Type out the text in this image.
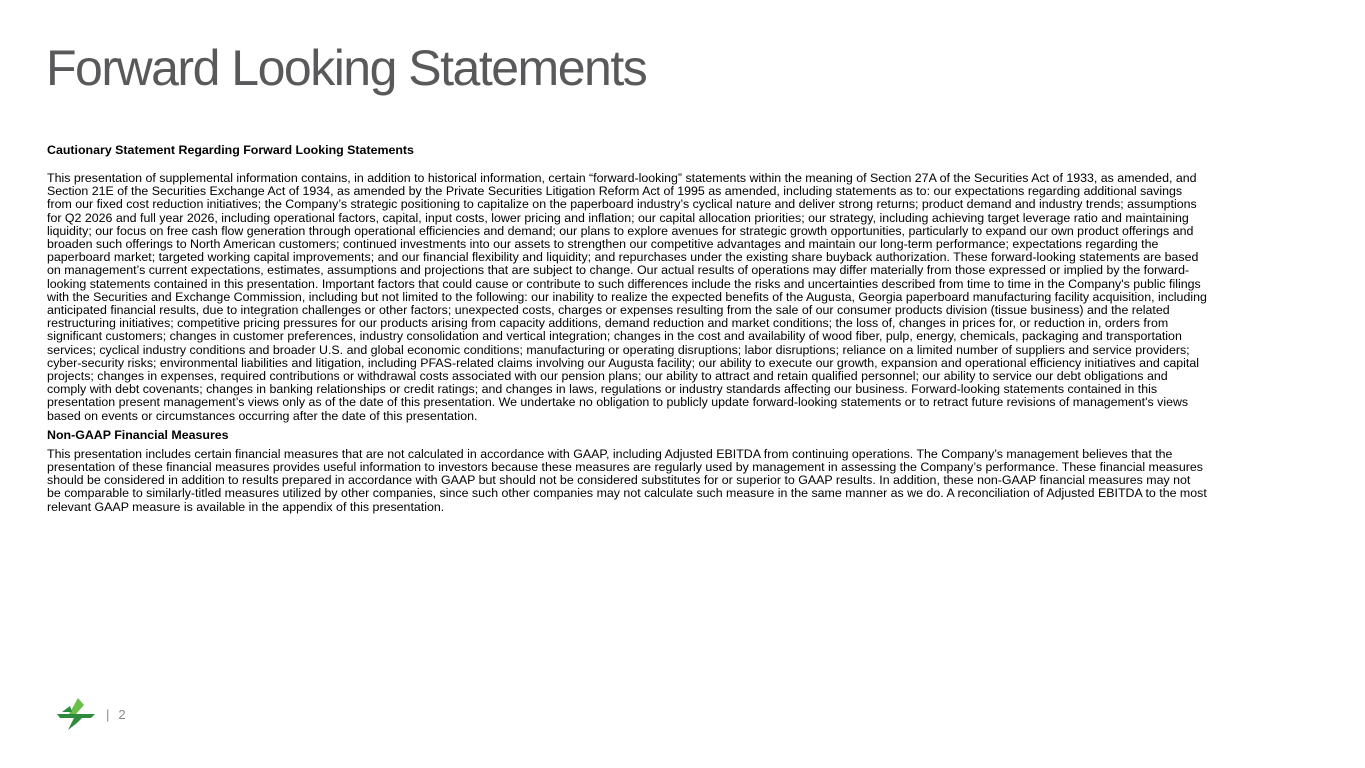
Forward Looking Statements

Cautionary Statement Regarding Forward Looking Statements

This presentation of supplemental information contains, in addition to historical information, certain “forward-looking” statements within the meaning of Section 27A of the Securities Act of 1933, as amended, and Section 21E of the Securities Exchange Act of 1934, as amended by the Private Securities Litigation Reform Act of 1995 as amended, including statements as to: our expectations regarding additional savings from our fixed cost reduction initiatives; the Company’s strategic positioning to capitalize on the paperboard industry’s cyclical nature and deliver strong returns; product demand and industry trends; assumptions for Q2 2026 and full year 2026, including operational factors, capital, input costs, lower pricing and inflation; our capital allocation priorities; our strategy, including achieving target leverage ratio and maintaining liquidity; our focus on free cash flow generation through operational efficiencies and demand; our plans to explore avenues for strategic growth opportunities, particularly to expand our own product offerings and broaden such offerings to North American customers; continued investments into our assets to strengthen our competitive advantages and maintain our long-term performance; expectations regarding the paperboard market; targeted working capital improvements; and our financial flexibility and liquidity; and repurchases under the existing share buyback authorization. These forward-looking statements are based on management’s current expectations, estimates, assumptions and projections that are subject to change. Our actual results of operations may differ materially from those expressed or implied by the forward-looking statements contained in this presentation. Important factors that could cause or contribute to such differences include the risks and uncertainties described from time to time in the Company's public filings with the Securities and Exchange Commission, including but not limited to the following: our inability to realize the expected benefits of the Augusta, Georgia paperboard manufacturing facility acquisition, including anticipated financial results, due to integration challenges or other factors; unexpected costs, charges or expenses resulting from the sale of our consumer products division (tissue business) and the related restructuring initiatives; competitive pricing pressures for our products arising from capacity additions, demand reduction and market conditions; the loss of, changes in prices for, or reduction in, orders from significant customers; changes in customer preferences, industry consolidation and vertical integration; changes in the cost and availability of wood fiber, pulp, energy, chemicals, packaging and transportation services; cyclical industry conditions and broader U.S. and global economic conditions; manufacturing or operating disruptions; labor disruptions; reliance on a limited number of suppliers and service providers; cyber-security risks; environmental liabilities and litigation, including PFAS-related claims involving our Augusta facility; our ability to execute our growth, expansion and operational efficiency initiatives and capital projects; changes in expenses, required contributions or withdrawal costs associated with our pension plans; our ability to attract and retain qualified personnel; our ability to service our debt obligations and comply with debt covenants; changes in banking relationships or credit ratings; and changes in laws, regulations or industry standards affecting our business. Forward-looking statements contained in this presentation present management’s views only as of the date of this presentation. We undertake no obligation to publicly update forward-looking statements or to retract future revisions of management's views based on events or circumstances occurring after the date of this presentation.

Non-GAAP Financial Measures

This presentation includes certain financial measures that are not calculated in accordance with GAAP, including Adjusted EBITDA from continuing operations. The Company’s management believes that the presentation of these financial measures provides useful information to investors because these measures are regularly used by management in assessing the Company’s performance. These financial measures should be considered in addition to results prepared in accordance with GAAP but should not be considered substitutes for or superior to GAAP results. In addition, these non-GAAP financial measures may not be comparable to similarly-titled measures utilized by other companies, since such other companies may not calculate such measure in the same manner as we do. A reconciliation of Adjusted EBITDA to the most relevant GAAP measure is available in the appendix of this presentation.

| 2
